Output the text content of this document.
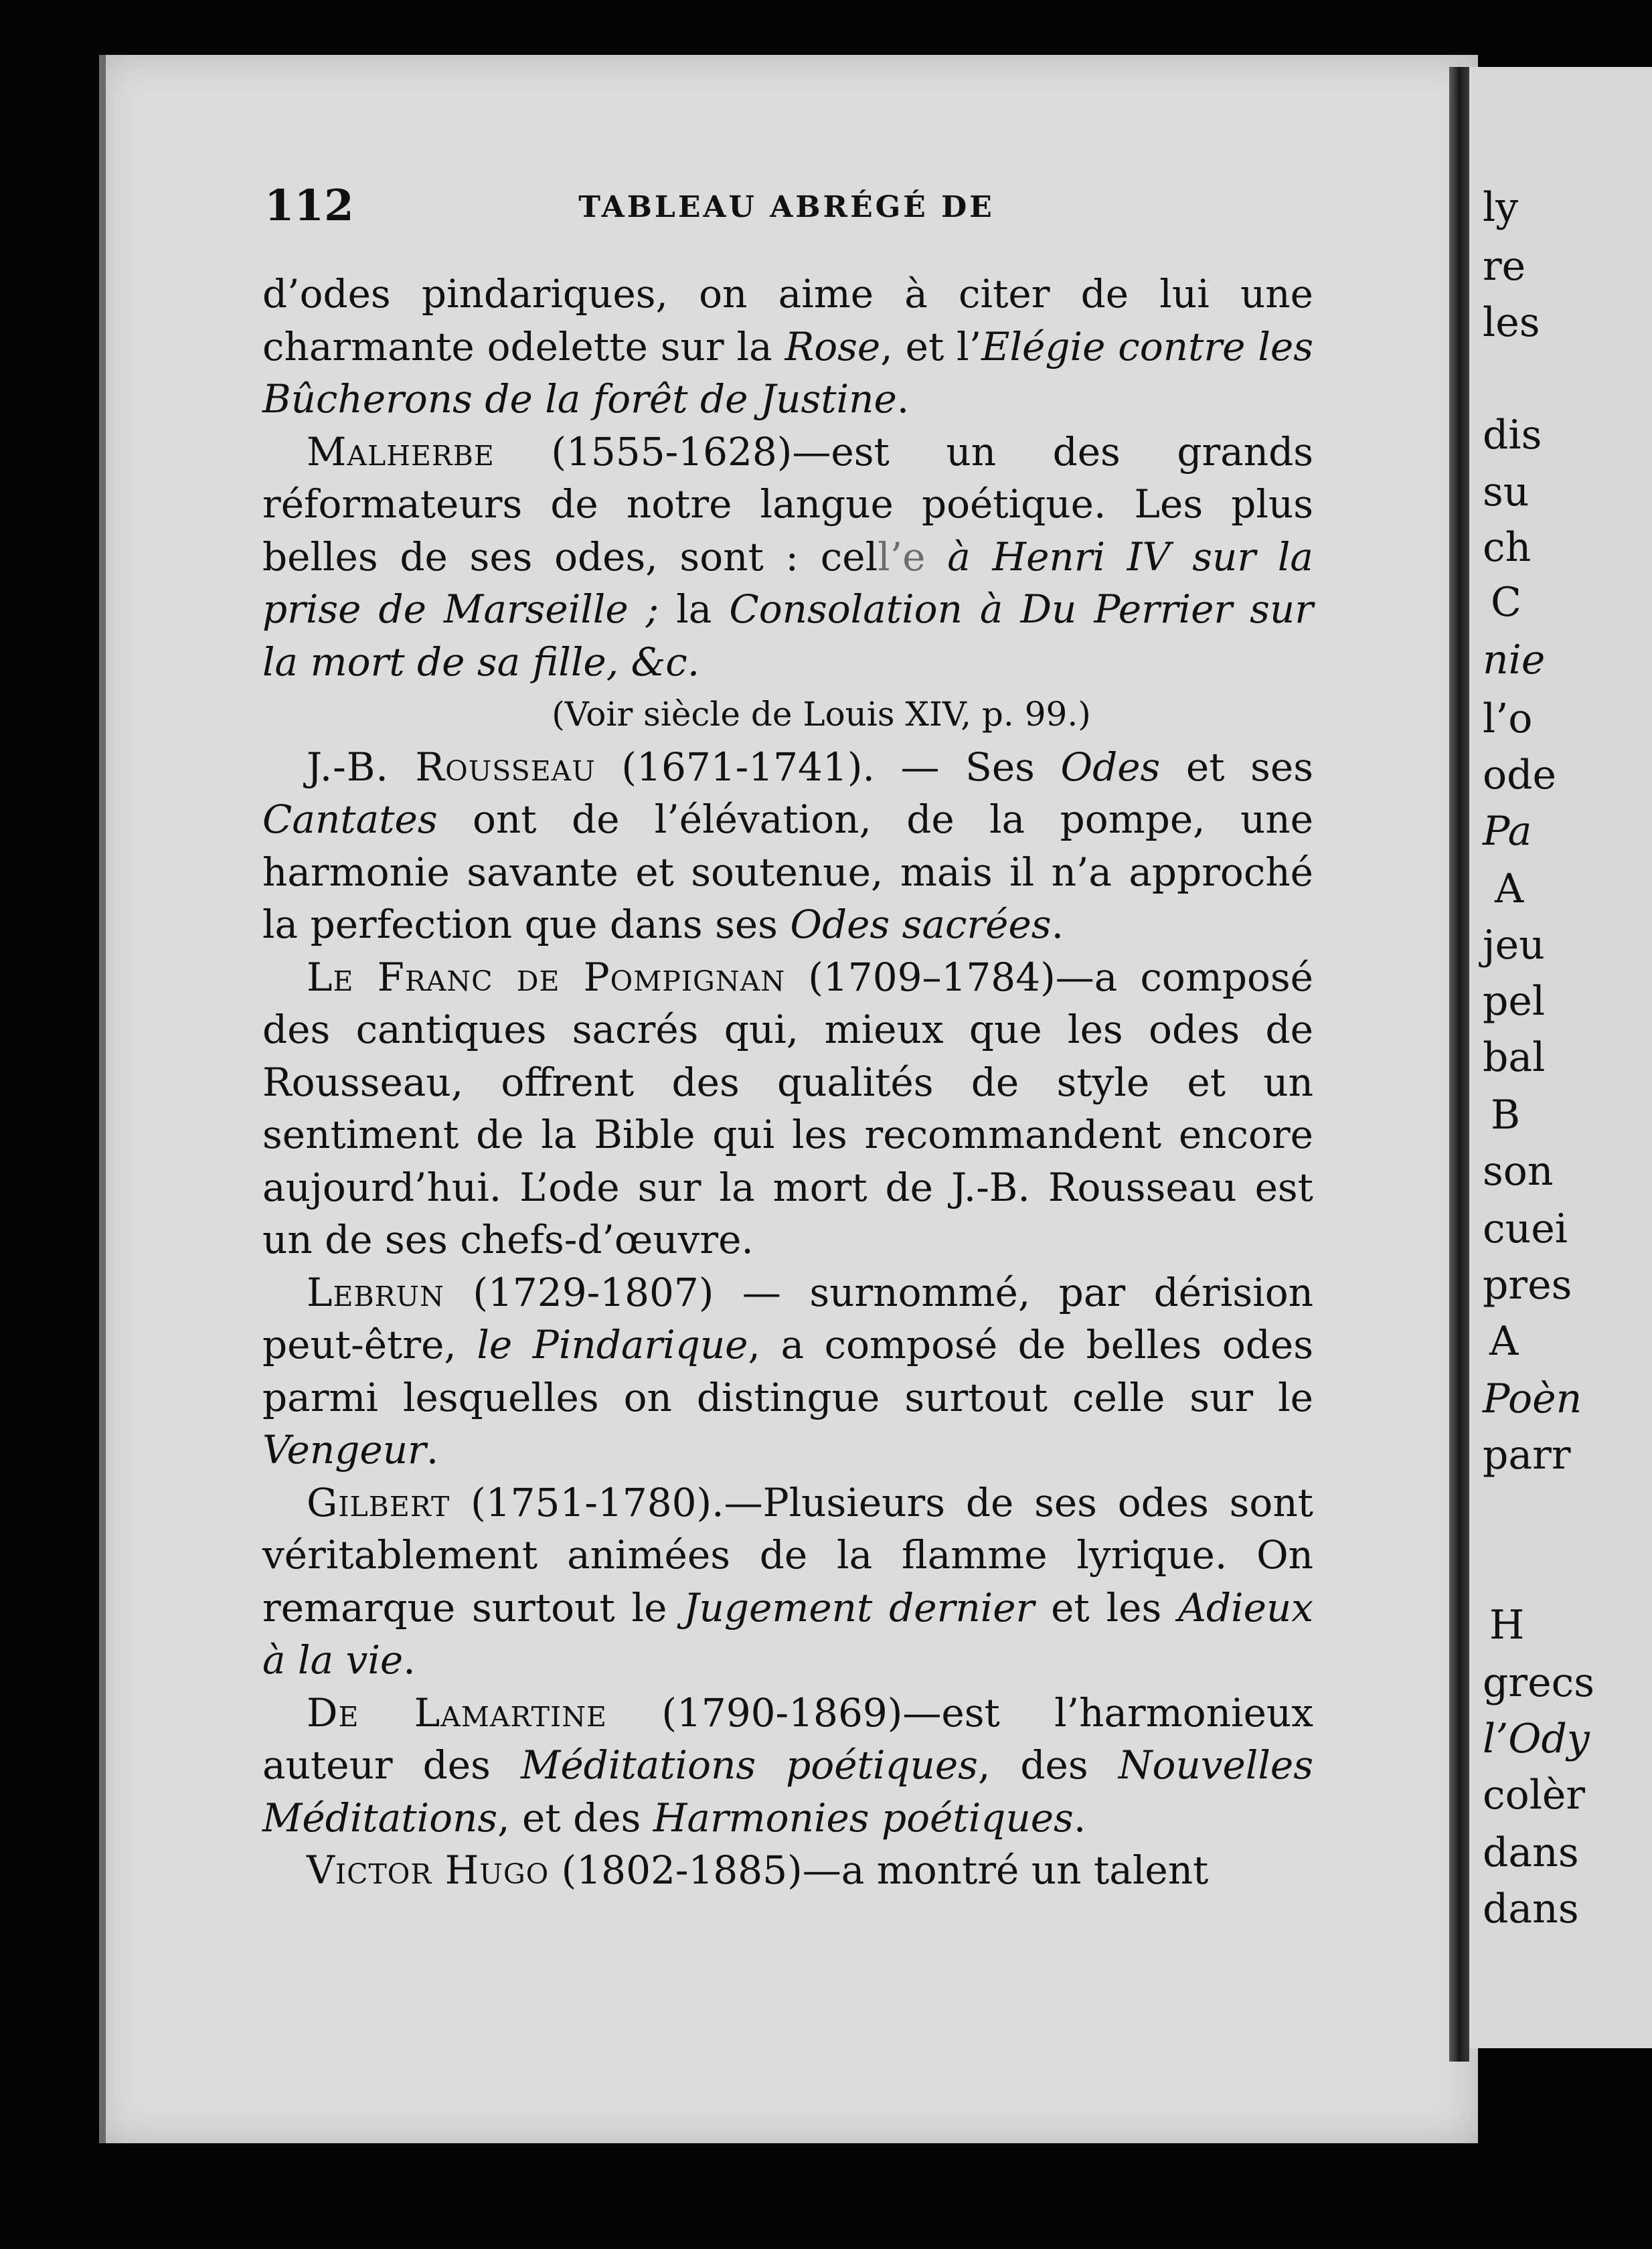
112	TABLEAU ABRÉGÉ DE

d’odes pindariques, on aime à citer de lui une charmante odelette sur la Rose, et l’Elégie contre les Bûcherons de la forêt de Justine.

Malherbe (1555-1628)—est un des grands réformateurs de notre langue poétique. Les plus belles de ses odes, sont : cell’e à Henri IV sur la prise de Marseille ; la Consolation à Du Perrier sur la mort de sa fille, &c.

(Voir siècle de Louis XIV, p. 99.)

J.-B. Rousseau (1671-1741). — Ses Odes et ses Cantates ont de l’élévation, de la pompe, une harmonie savante et soutenue, mais il n’a approché la perfection que dans ses Odes sacrées.

Le Franc de Pompignan (1709–1784)—a composé des cantiques sacrés qui, mieux que les odes de Rousseau, offrent des qualités de style et un sentiment de la Bible qui les recommandent encore aujourd’hui. L’ode sur la mort de J.-B. Rousseau est un de ses chefs-d’œuvre.

Lebrun (1729-1807) — surnommé, par dérision peut-être, le Pindarique, a composé de belles odes parmi lesquelles on distingue surtout celle sur le Vengeur.

Gilbert (1751-1780).—Plusieurs de ses odes sont véritablement animées de la flamme lyrique. On remarque surtout le Jugement dernier et les Adieux à la vie.

De Lamartine (1790-1869)—est l’harmonieux auteur des Méditations poétiques, des Nouvelles Méditations, et des Harmonies poétiques.

Victor Hugo (1802-1885)—a montré un talent

ly
re
les
dis
su
ch
C
nie
l’o
ode
Pa
A
jeu
pel
bal
B
son
cuei
pres
A
Poèn
parr
H
grecs
l’Ody
colèr
dans
dans
